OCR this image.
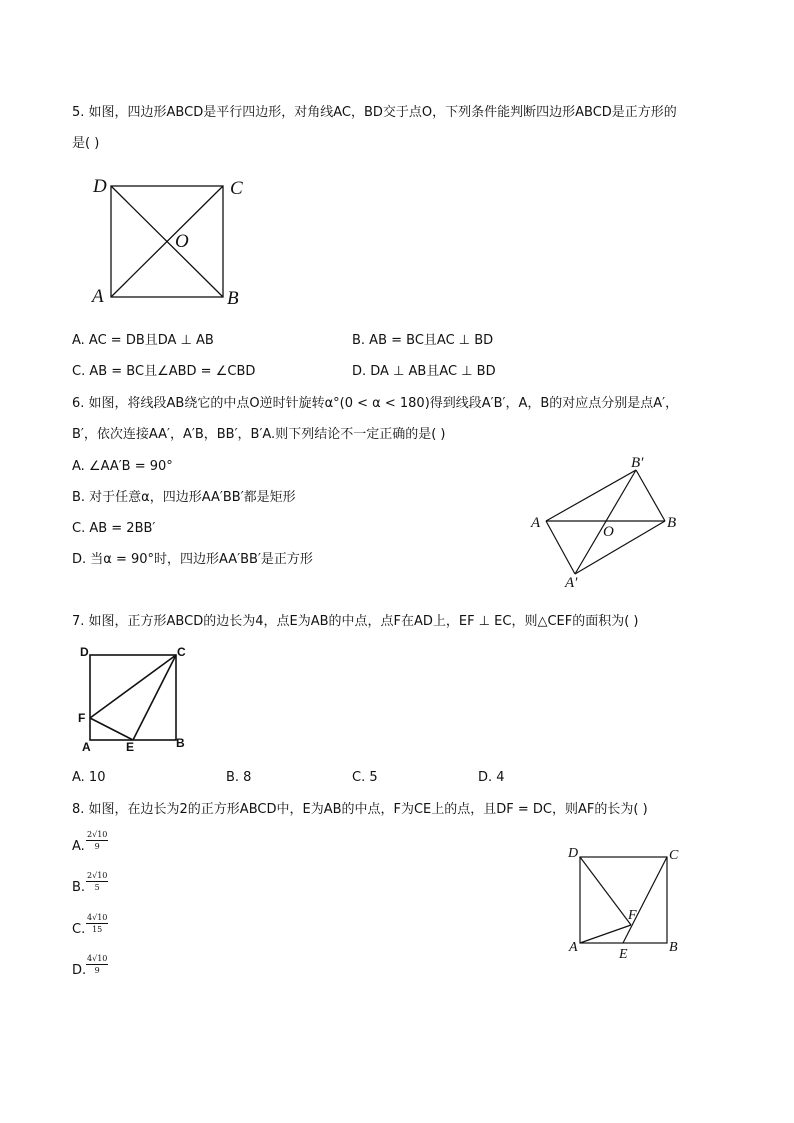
5. 如图，四边形ABCD是平行四边形，对角线AC，BD交于点O，下列条件能判断四边形ABCD是正方形的
是( )
D	C
O
A	B
A. AC = DB且DA ⊥ AB	B. AB = BC且AC ⊥ BD
C. AB = BC且∠ABD = ∠CBD	D. DA ⊥ AB且AC ⊥ BD
6. 如图，将线段AB绕它的中点O逆时针旋转α°(0 < α < 180)得到线段A′B′，A，B的对应点分别是点A′，
B′，依次连接AA′，A′B，BB′，B′A.则下列结论不一定正确的是( )
A. ∠AA′B = 90°
B. 对于任意α，四边形AA′BB′都是矩形
C. AB = 2BB′
D. 当α = 90°时，四边形AA′BB′是正方形
A	B
O
B′
A′
7. 如图，正方形ABCD的边长为4，点E为AB的中点，点F在AD上，EF ⊥ EC，则△CEF的面积为( )
D	C
F
A	E	B
A. 10	B. 8	C. 5	D. 4
8. 如图，在边长为2的正方形ABCD中，E为AB的中点，F为CE上的点，且DF = DC，则AF的长为( )
A. $\frac{2√10}{9}$
B. $\frac{2√10}{5}$
C. $\frac{4√10}{15}$
D. $\frac{4√10}{9}$
D	C
F
A	E	B
